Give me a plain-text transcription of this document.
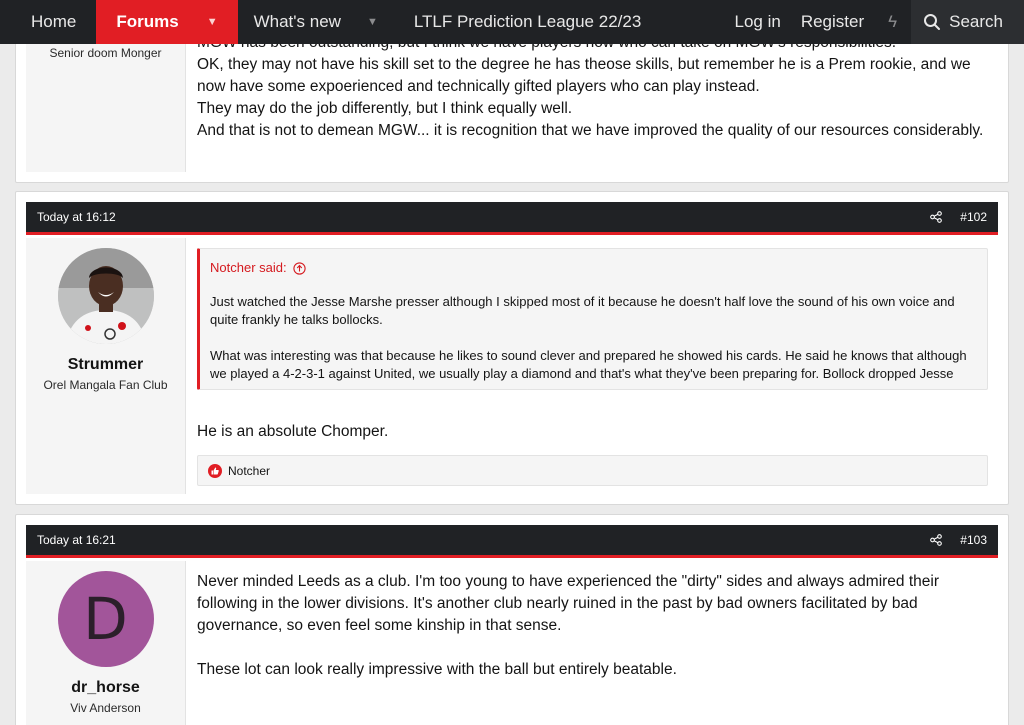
Home Forums	▼ What's new ▼ LTLF Prediction League 22/23	Log in Register	ϟ	Search
Senior doom Monger
OK, they may not have his skill set to the degree he has theose skills, but remember he is a Prem rookie, and we now have some expoerienced and technically gifted players who can play instead.
They may do the job differently, but I think equally well.
And that is not to demean MGW... it is recognition that we have improved the quality of our resources considerably.
Today at 16:12	#102
Strummer
Orel Mangala Fan Club
Notcher said:

Just watched the Jesse Marshe presser although I skipped most of it because he doesn't half love the sound of his own voice and quite frankly he talks bollocks.

What was interesting was that because he likes to sound clever and prepared he showed his cards. He said he knows that although we played a 4-2-3-1 against United, we usually play a diamond and that's what they've been preparing for. Bollock dropped Jesse

He is an absolute Chomper.
Notcher
Today at 16:21	#103
D
dr_horse
Viv Anderson

Never minded Leeds as a club. I'm too young to have experienced the "dirty" sides and always admired their following in the lower divisions. It's another club nearly ruined in the past by bad owners facilitated by bad governance, so even feel some kinship in that sense.

These lot can look really impressive with the ball but entirely beatable.
